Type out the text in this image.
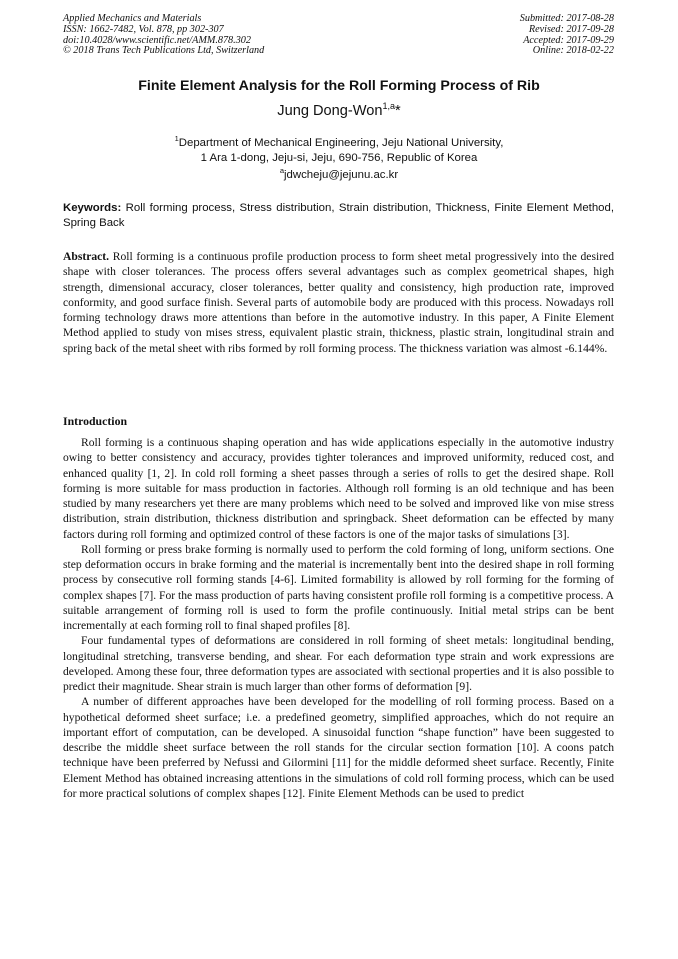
Applied Mechanics and Materials
ISSN: 1662-7482, Vol. 878, pp 302-307
doi:10.4028/www.scientific.net/AMM.878.302
© 2018 Trans Tech Publications Ltd, Switzerland
Submitted: 2017-08-28
Revised: 2017-09-28
Accepted: 2017-09-29
Online: 2018-02-22
Finite Element Analysis for the Roll Forming Process of Rib
Jung Dong-Won$^{1,a}$*
$^1$Department of Mechanical Engineering, Jeju National University,
1 Ara 1-dong, Jeju-si, Jeju, 690-756, Republic of Korea
$^a$jdwcheju@jejunu.ac.kr
Keywords: Roll forming process, Stress distribution, Strain distribution, Thickness, Finite Element Method, Spring Back
Abstract. Roll forming is a continuous profile production process to form sheet metal progressively into the desired shape with closer tolerances. The process offers several advantages such as complex geometrical shapes, high strength, dimensional accuracy, closer tolerances, better quality and consistency, high production rate, improved conformity, and good surface finish. Several parts of automobile body are produced with this process. Nowadays roll forming technology draws more attentions than before in the automotive industry. In this paper, A Finite Element Method applied to study von mises stress, equivalent plastic strain, thickness, plastic strain, longitudinal strain and spring back of the metal sheet with ribs formed by roll forming process. The thickness variation was almost -6.144%.
Introduction

Roll forming is a continuous shaping operation and has wide applications especially in the automotive industry owing to better consistency and accuracy, provides tighter tolerances and improved uniformity, reduced cost, and enhanced quality [1, 2]. In cold roll forming a sheet passes through a series of rolls to get the desired shape. Roll forming is more suitable for mass production in factories. Although roll forming is an old technique and has been studied by many researchers yet there are many problems which need to be solved and improved like von mise stress distribution, strain distribution, thickness distribution and springback. Sheet deformation can be effected by many factors during roll forming and optimized control of these factors is one of the major tasks of simulations [3].

Roll forming or press brake forming is normally used to perform the cold forming of long, uniform sections. One step deformation occurs in brake forming and the material is incrementally bent into the desired shape in roll forming process by consecutive roll forming stands [4-6]. Limited formability is allowed by roll forming for the forming of complex shapes [7]. For the mass production of parts having consistent profile roll forming is a competitive process. A suitable arrangement of forming roll is used to form the profile continuously. Initial metal strips can be bent incrementally at each forming roll to final shaped profiles [8].

Four fundamental types of deformations are considered in roll forming of sheet metals: longitudinal bending, longitudinal stretching, transverse bending, and shear. For each deformation type strain and work expressions are developed. Among these four, three deformation types are associated with sectional properties and it is also possible to predict their magnitude. Shear strain is much larger than other forms of deformation [9].

A number of different approaches have been developed for the modelling of roll forming process. Based on a hypothetical deformed sheet surface; i.e. a predefined geometry, simplified approaches, which do not require an important effort of computation, can be developed. A sinusoidal function “shape function” have been suggested to describe the middle sheet surface between the roll stands for the circular section formation [10]. A coons patch technique have been preferred by Nefussi and Gilormini [11] for the middle deformed sheet surface. Recently, Finite Element Method has obtained increasing attentions in the simulations of cold roll forming process, which can be used for more practical solutions of complex shapes [12]. Finite Element Methods can be used to predict
